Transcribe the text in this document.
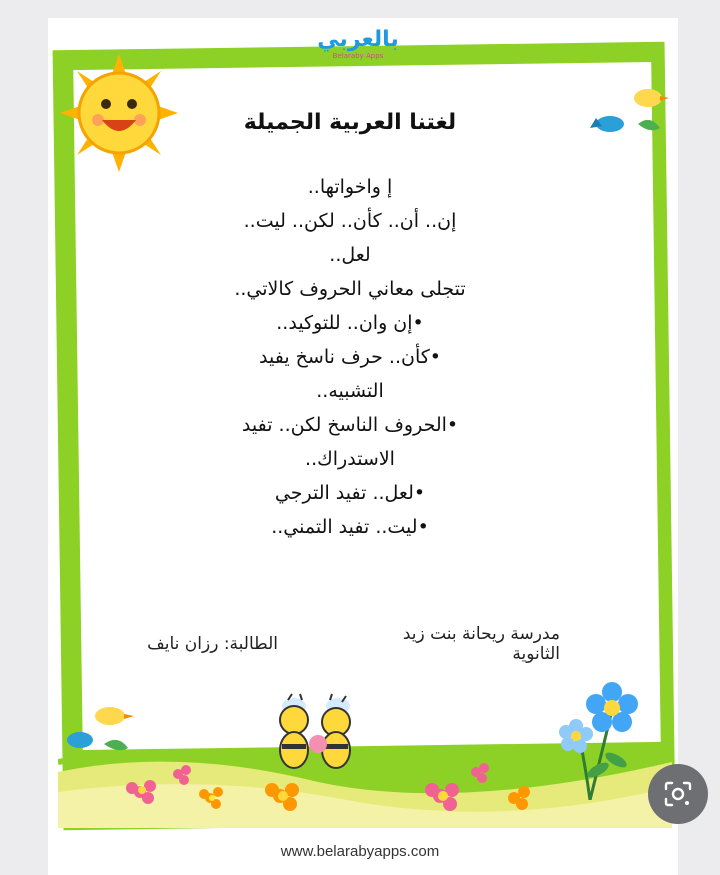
بالعربي
Belaraby Apps
لغتنا العربية الجميلة
إ واخواتها..
إن.. أن.. كأن.. لكن.. ليت..
لعل..
تتجلى معاني الحروف كالاتي..
•إن وان.. للتوكيد..
•كأن.. حرف ناسخ يفيد
التشبيه..
•الحروف الناسخ لكن.. تفيد
الاستدراك..
•لعل.. تفيد الترجي
•ليت.. تفيد التمني..
مدرسة ريحانة بنت زيد الثانوية
الطالبة: رزان نايف
www.belarabyapps.com
